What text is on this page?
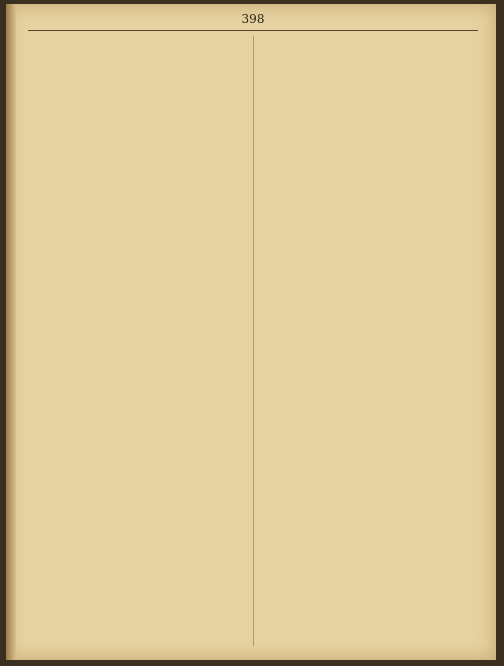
398
